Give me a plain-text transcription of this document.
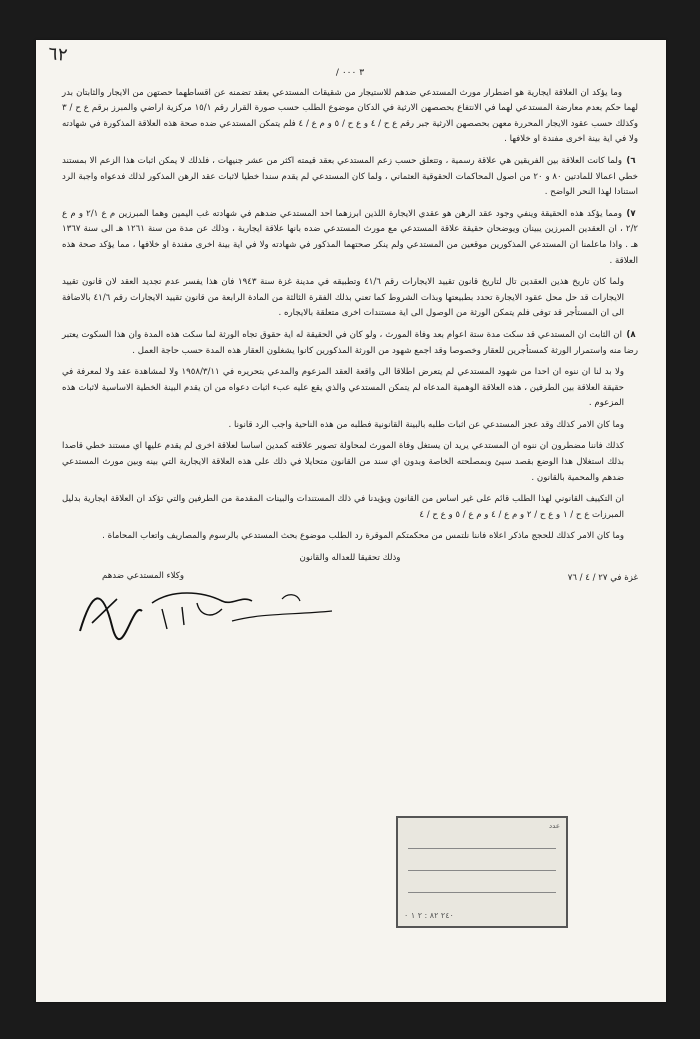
٦٢
/ ٣ ٠٠٠

وما يؤكد ان العلاقة ايجارية هو اضطرار مورث المستدعي ضدهم للاستيجار من شقيقات المستدعي بعقد تضمنه عن اقساطهما حصتهن من الايجار والثابتان بدر لهما حكم بعدم معارضة المستدعي لهما في الانتفاع بحصصهن الارثية في الدكان موضوع الطلب حسب صورة القرار رقم ١٥/١ مركزية اراضي والمبرز برقم ع ح / ٣ وكذلك حسب عقود الايجار المحررة معهن بحصصهن الارثية جبر رقم ع ح / ٤ و ع ح / ٥ و م ع / ٤ فلم يتمكن المستدعي ضده صحة هذه العلاقة المذكورة في شهادته ولا في اية بينة اخرى مفندة او خلافها .

٦)ولما كانت العلاقة بين الفريقين هي علاقة رسمية ، وتتعلق حسب زعم المستدعي بعقد قيمته اكثر من عشر جنيهات ، فلذلك لا يمكن اثبات هذا الزعم الا بمستند خطي اعمالا للمادتين ٨٠ و ٢٠ من اصول المحاكمات الحقوقية العثماني ، ولما كان المستدعي لم يقدم سندا خطيا لاثبات عقد الرهن المذكور لذلك فدعواه واجبة الرد استنادا لهذا النحر الواضح .

٧)ومما يؤكد هذه الحقيقة وينفي وجود عقد الرهن هو عقدي الايجارة اللذين ابرزهما احد المستدعي ضدهم في شهادته غب اليمين وهما المبرزين م ع ٢/١ و م ع ٢/٢ ، ان العقدين المبرزين يبينان ويوضحان حقيقة علاقة المستدعي مع مورث المستدعي ضده بانها علاقة ايجارية ، وذلك عن مدة من سنة ١٢٦١ هـ الى سنة ١٣٦٧ هـ . واذا ماعلمنا ان المستدعي المذكورين موقعين من المستدعي ولم ينكر صحتهما المذكور في شهادته ولا في اية بينة اخرى مفندة او خلافها ، مما يؤكد صحة هذه العلاقة .

ولما كان تاريخ هذين العقدين تال لتاريخ قانون تقييد الايجارات رقم ٤١/٦ وتطبيقه في مدينة غزة سنة ١٩٤٣ فان هذا يفسر عدم تجديد العقد لان قانون تقييد الايجارات قد حل محل عقود الايجارة تحدد بطبيعتها وبذات الشروط كما تعني بذلك الفقرة الثالثة من المادة الرابعة من قانون تقييد الايجارات رقم ٤١/٦ بالاضافة الى ان المستأجر قد توفى فلم يتمكن الورثة من الوصول الى اية مستندات اخرى متعلقة بالايجاره .

٨)ان الثابت ان المستدعي قد سكت مدة ستة اعوام بعد وفاة المورث ، ولو كان في الحقيقة له اية حقوق تجاه الورثة لما سكت هذه المدة وان هذا السكوت يعتبر رضا منه واستمرار الورثة كمستأجرين للعقار وخصوصا وقد اجمع شهود من الورثة المذكورين كانوا يشغلون العقار هذه المدة حسب حاجة العمل .

ولا بد لنا ان ننوه ان احدا من شهود المستدعي لم يتعرض اطلاقا الى واقعة العقد المزعوم والمدعي بتحريره في ١٩٥٨/٣/١١ ولا لمشاهدة عقد ولا لمعرفة في حقيقة العلاقة بين الطرفين ، هذه العلاقة الوهمية المدعاه لم يتمكن المستدعي والذي يقع عليه عبء اثبات دعواه من ان يقدم البينة الخطية الاساسية لاثبات هذه المزعوم .

وما كان الامر كذلك وقد عجز المستدعي عن اثبات طلبه بالبينة القانونية فطلبه من هذه الناحية واجب الرد قانونا .

كذلك فاننا مضطرون ان ننوه ان المستدعي يريد ان يستغل وفاة المورث لمحاولة تصوير علاقته كمدين اساسا لعلاقة اخرى لم يقدم عليها اي مستند خطي قاصدا بذلك استغلال هذا الوضع بقصد سيئ وبمصلحته الخاصة وبدون اي سند من القانون متحايلا في ذلك على هذه العلاقة الايجارية التي بينه وبين مورث المستدعي ضدهم والمحمية بالقانون .

ان التكييف القانوني لهذا الطلب قائم على غير اساس من القانون ويؤيدنا في ذلك المستندات والبينات المقدمة من الطرفين والتي تؤكد ان العلاقة ايجارية بدليل المبرزات ع ح / ١ و ع ح / ٢ و م ع / ٤ و م ع / ٥ و ع ح / ٤

وما كان الامر كذلك للحجج ماذكر اعلاه فاننا نلتمس من محكمتكم الموقرة رد الطلب موضوع بحث المستدعي بالرسوم والمصاريف واتعاب المحاماة .

وذلك تحقيقا للعداله والقانون
غزة في ٢٧ / ٤ / ٧٦
وكلاء المستدعي ضدهم
عدد
٢٤٠ ٨٢ : ٢ ١ ٠
